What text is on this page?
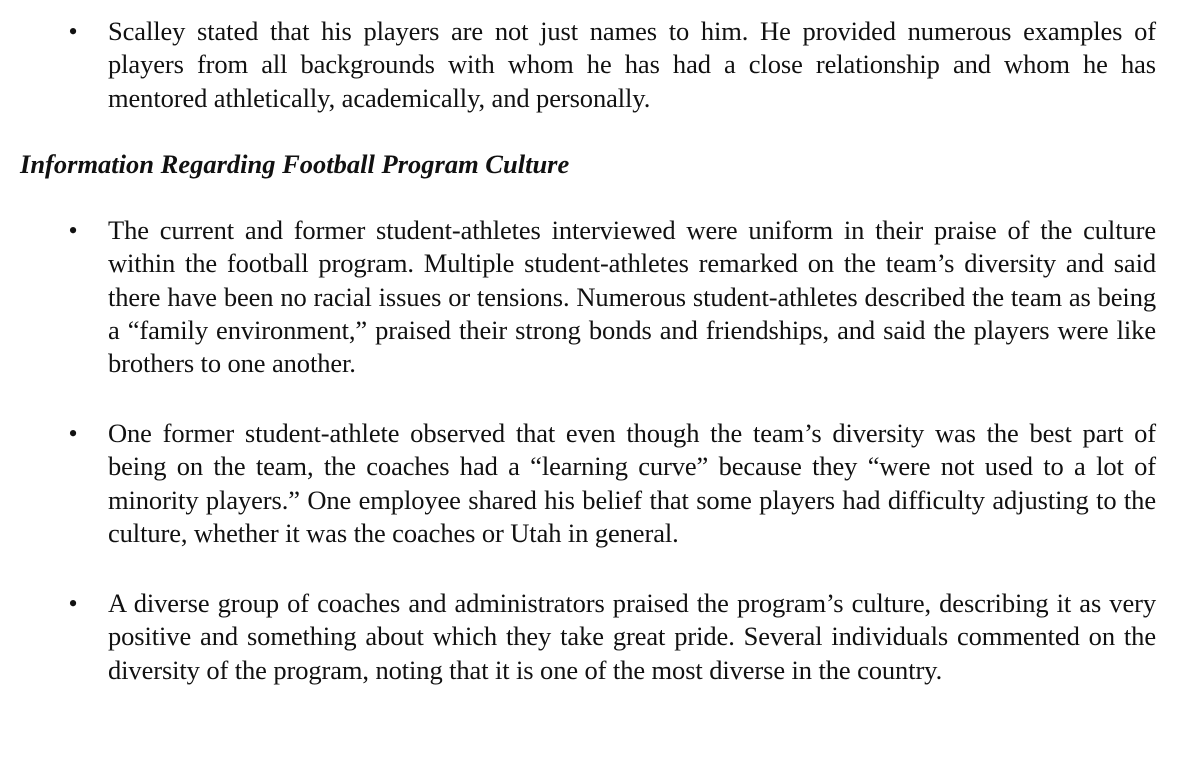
• Scalley stated that his players are not just names to him. He provided numerous examples of players from all backgrounds with whom he has had a close relationship and whom he has mentored athletically, academically, and personally.

Information Regarding Football Program Culture
• The current and former student-athletes interviewed were uniform in their praise of the culture within the football program. Multiple student-athletes remarked on the team’s diversity and said there have been no racial issues or tensions. Numerous student-athletes described the team as being a “family environment,” praised their strong bonds and friendships, and said the players were like brothers to one another.

• One former student-athlete observed that even though the team’s diversity was the best part of being on the team, the coaches had a “learning curve” because they “were not used to a lot of minority players.” One employee shared his belief that some players had difficulty adjusting to the culture, whether it was the coaches or Utah in general.

• A diverse group of coaches and administrators praised the program’s culture, describing it as very positive and something about which they take great pride. Several individuals commented on the diversity of the program, noting that it is one of the most diverse in the country.
